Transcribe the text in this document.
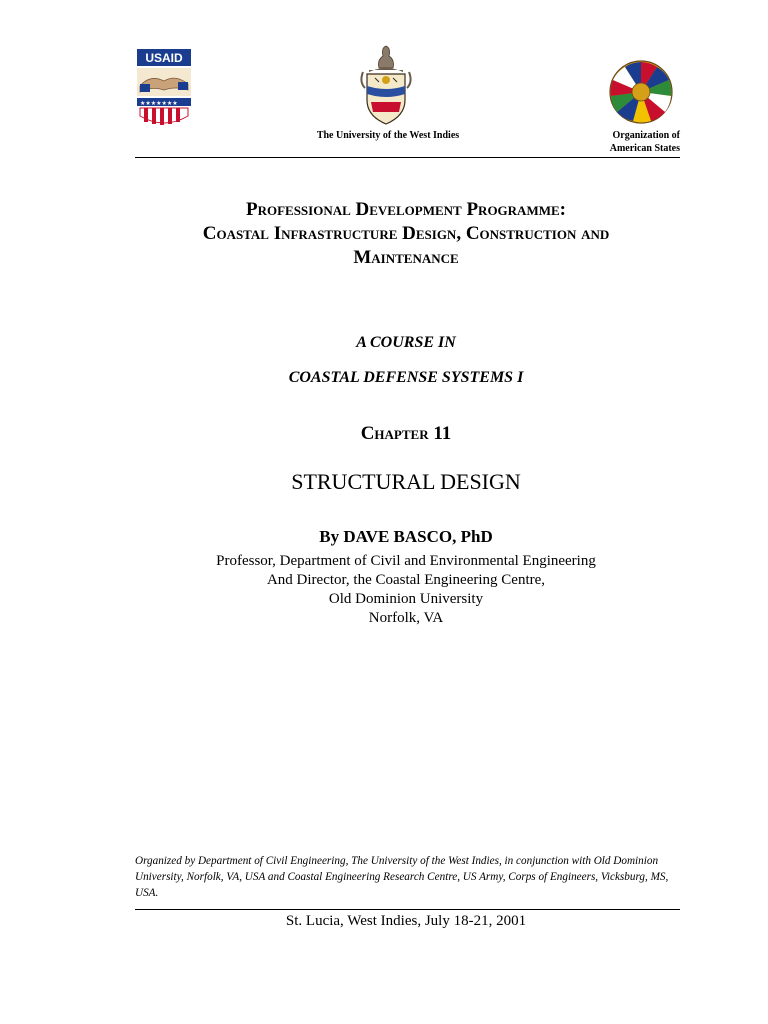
USAID
★★★★★★★
The University of the West Indies	Organization of
American States
Professional Development Programme:
Coastal Infrastructure Design, Construction and
Maintenance
A COURSE IN
COASTAL DEFENSE SYSTEMS I
Chapter 11
STRUCTURAL DESIGN
By DAVE BASCO, PhD
Professor, Department of Civil and Environmental Engineering
And Director, the Coastal Engineering Centre,
Old Dominion University
Norfolk, VA
Organized by Department of Civil Engineering, The University of the West Indies, in conjunction with Old Dominion University, Norfolk, VA, USA and Coastal Engineering Research Centre, US Army, Corps of Engineers, Vicksburg, MS, USA.
St. Lucia, West Indies, July 18-21, 2001
